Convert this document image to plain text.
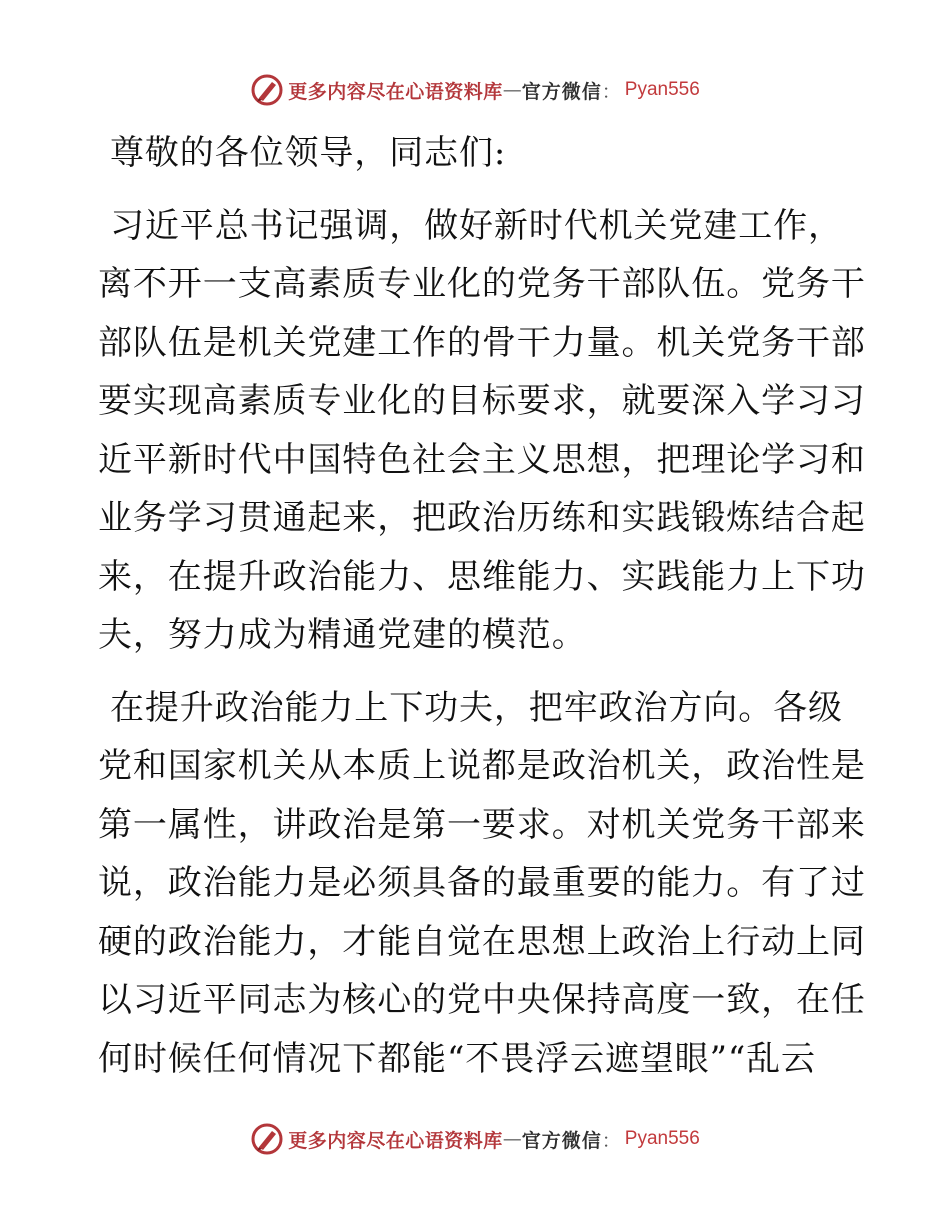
更多内容尽在心语资料库 — 官方微信 ： Pyan556
尊敬的各位领导，同志们:
习近平总书记强调，做好新时代机关党建工作，
离不开一支高素质专业化的党务干部队伍。党务干
部队伍是机关党建工作的骨干力量。机关党务干部
要实现高素质专业化的目标要求，就要深入学习习
近平新时代中国特色社会主义思想，把理论学习和
业务学习贯通起来，把政治历练和实践锻炼结合起
来，在提升政治能力、思维能力、实践能力上下功
夫，努力成为精通党建的模范。
在提升政治能力上下功夫，把牢政治方向。各级
党和国家机关从本质上说都是政治机关，政治性是
第一属性，讲政治是第一要求。对机关党务干部来
说，政治能力是必须具备的最重要的能力。有了过
硬的政治能力，才能自觉在思想上政治上行动上同
以习近平同志为核心的党中央保持高度一致，在任
何时候任何情况下都能“不畏浮云遮望眼”“乱云
更多内容尽在心语资料库 — 官方微信 ： Pyan556
